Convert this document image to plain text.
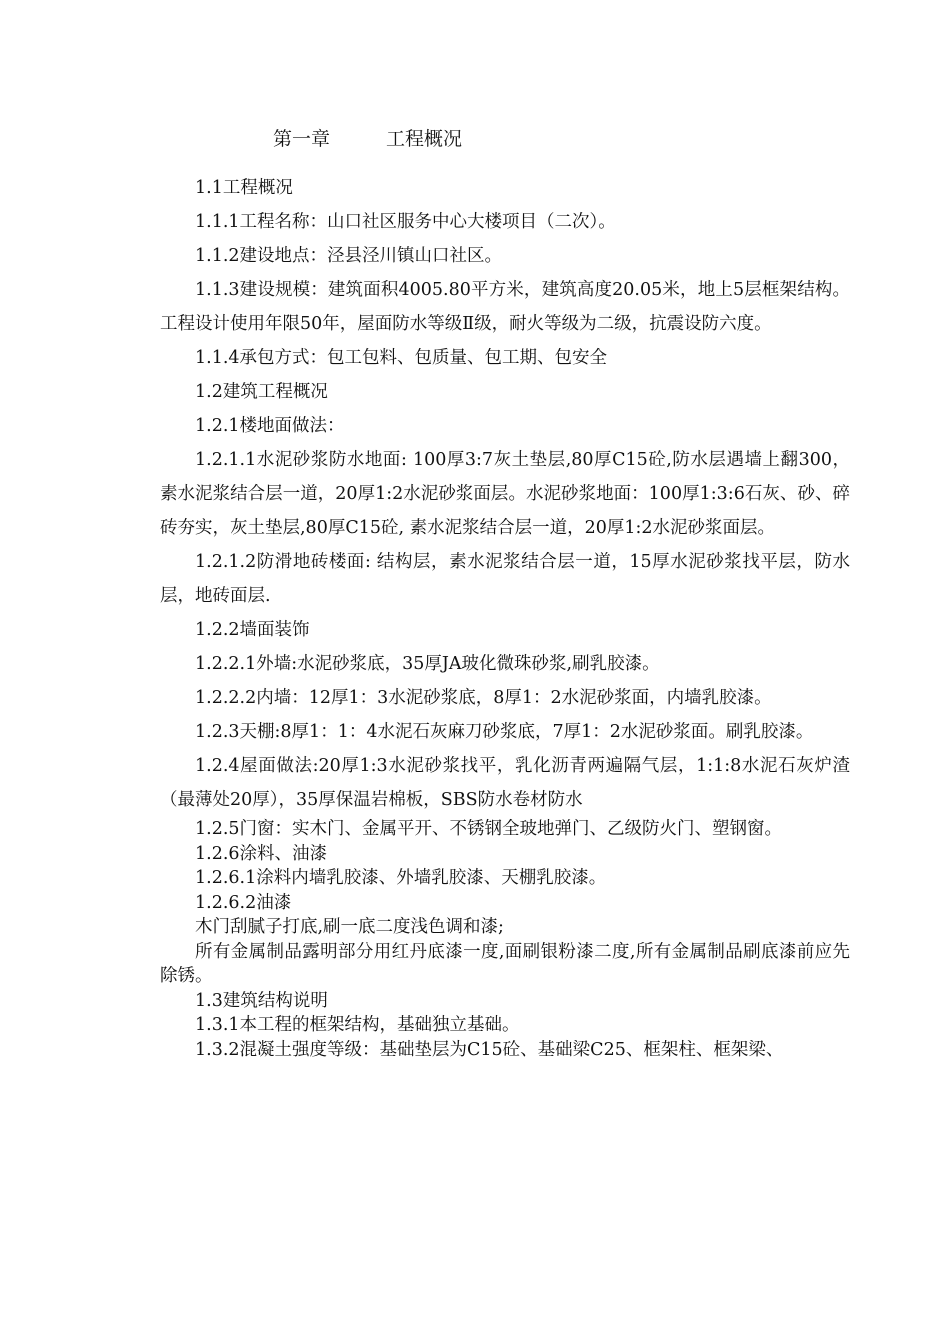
第一章	工程概况

1.1工程概况

1.1.1工程名称：山口社区服务中心大楼项目（二次）。

1.1.2建设地点：泾县泾川镇山口社区。

1.1.3建设规模：建筑面积4005.80平方米，建筑高度20.05米，地上5层框架结构。工程设计使用年限50年，屋面防水等级Ⅱ级，耐火等级为二级，抗震设防六度。

1.1.4承包方式：包工包料、包质量、包工期、包安全

1.2建筑工程概况

1.2.1楼地面做法：

1.2.1.1水泥砂浆防水地面: 100厚3:7灰土垫层,80厚C15砼,防水层遇墙上翻300，素水泥浆结合层一道，20厚1:2水泥砂浆面层。水泥砂浆地面：100厚1:3:6石灰、砂、碎砖夯实，灰土垫层,80厚C15砼, 素水泥浆结合层一道，20厚1:2水泥砂浆面层。

1.2.1.2防滑地砖楼面: 结构层，素水泥浆结合层一道，15厚水泥砂浆找平层，防水层，地砖面层.

1.2.2墙面装饰

1.2.2.1外墙:水泥砂浆底，35厚JA玻化微珠砂浆,刷乳胶漆。

1.2.2.2内墙：12厚1：3水泥砂浆底，8厚1：2水泥砂浆面，内墙乳胶漆。

1.2.3天棚:8厚1：1：4水泥石灰麻刀砂浆底，7厚1：2水泥砂浆面。刷乳胶漆。

1.2.4屋面做法:20厚1:3水泥砂浆找平，乳化沥青两遍隔气层，1:1:8水泥石灰炉渣（最薄处20厚），35厚保温岩棉板，SBS防水卷材防水

1.2.5门窗：实木门、金属平开、不锈钢全玻地弹门、乙级防火门、塑钢窗。

1.2.6涂料、油漆

1.2.6.1涂料内墙乳胶漆、外墙乳胶漆、天棚乳胶漆。

1.2.6.2油漆

木门刮腻子打底,刷一底二度浅色调和漆;

所有金属制品露明部分用红丹底漆一度,面刷银粉漆二度,所有金属制品刷底漆前应先除锈。

1.3建筑结构说明

1.3.1本工程的框架结构，基础独立基础。

1.3.2混凝土强度等级：基础垫层为C15砼、基础梁C25、框架柱、框架梁、
